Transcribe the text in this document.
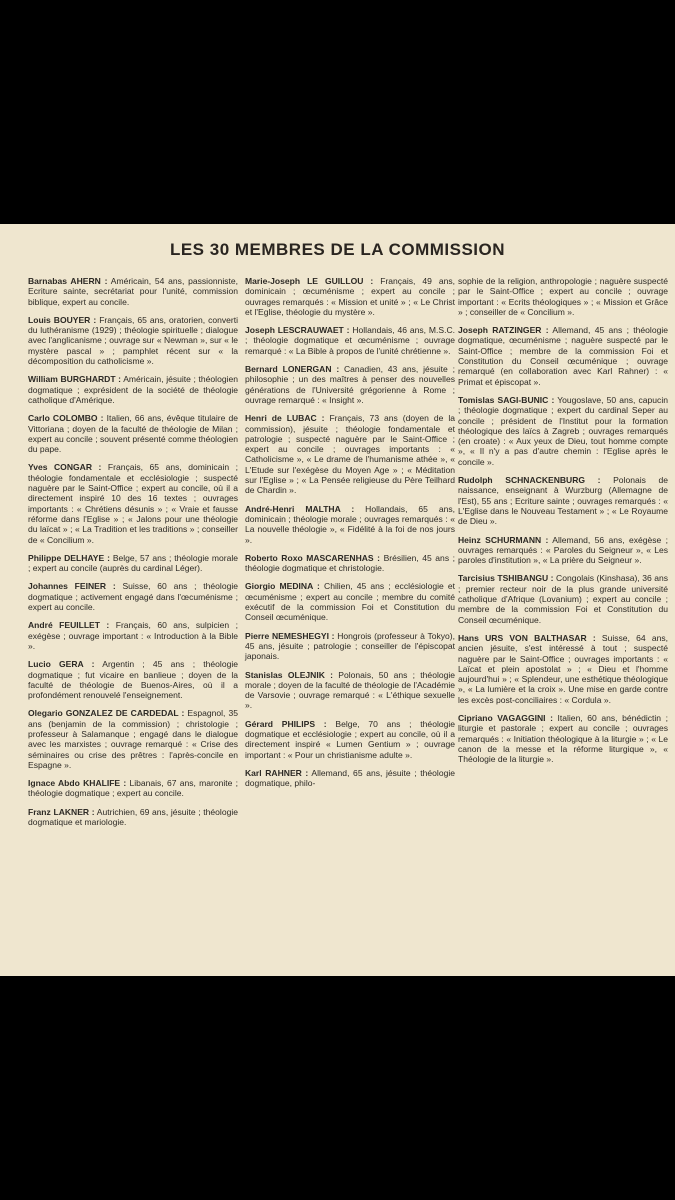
LES 30 MEMBRES DE LA COMMISSION
Barnabas AHERN : Américain, 54 ans, passionniste, Ecriture sainte, secrétariat pour l'unité, commission biblique, expert au concile.
Louis BOUYER : Français, 65 ans, oratorien, converti du luthéranisme (1929) ; théologie spirituelle ; dialogue avec l'anglicanisme ; ouvrage sur « Newman », sur « le mystère pascal » ; pamphlet récent sur « la décomposition du catholicisme ».
William BURGHARDT : Américain, jésuite ; théologien dogmatique ; exprésident de la société de théologie catholique d'Amérique.
Carlo COLOMBO : Italien, 66 ans, évêque titulaire de Vittoriana ; doyen de la faculté de théologie de Milan ; expert au concile ; souvent présenté comme théologien du pape.
Yves CONGAR : Français, 65 ans, dominicain ; théologie fondamentale et ecclésiologie ; suspecté naguère par le Saint-Office ; expert au concile, où il a directement inspiré 10 des 16 textes ; ouvrages importants : « Chrétiens désunis » ; « Vraie et fausse réforme dans l'Eglise » ; « Jalons pour une théologie du laïcat » ; « La Tradition et les traditions » ; conseiller de « Concilium ».
Philippe DELHAYE : Belge, 57 ans ; théologie morale ; expert au concile (auprès du cardinal Léger).
Johannes FEINER : Suisse, 60 ans ; théologie dogmatique ; activement engagé dans l'œcuménisme ; expert au concile.
André FEUILLET : Français, 60 ans, sulpicien ; exégèse ; ouvrage important : « Introduction à la Bible ».
Lucio GERA : Argentin ; 45 ans ; théologie dogmatique ; fut vicaire en banlieue ; doyen de la faculté de théologie de Buenos-Aires, où il a profondément renouvelé l'enseignement.
Olegario GONZALEZ DE CARDEDAL : Espagnol, 35 ans (benjamin de la commission) ; christologie ; professeur à Salamanque ; engagé dans le dialogue avec les marxistes ; ouvrage remarqué : « Crise des séminaires ou crise des prêtres : l'après-concile en Espagne ».
Ignace Abdo KHALIFE : Libanais, 67 ans, maronite ; théologie dogmatique ; expert au concile.
Franz LAKNER : Autrichien, 69 ans, jésuite ; théologie dogmatique et mariologie.
Marie-Joseph LE GUILLOU : Français, 49 ans, dominicain ; œcuménisme ; expert au concile ; ouvrages remarqués : « Mission et unité » ; « Le Christ et l'Eglise, théologie du mystère ».
Joseph LESCRAUWAET : Hollandais, 46 ans, M.S.C. ; théologie dogmatique et œcuménisme ; ouvrage remarqué : « La Bible à propos de l'unité chrétienne ».
Bernard LONERGAN : Canadien, 43 ans, jésuite ; philosophie ; un des maîtres à penser des nouvelles générations de l'Université grégorienne à Rome ; ouvrage remarqué : « Insight ».
Henri de LUBAC : Français, 73 ans (doyen de la commission), jésuite ; théologie fondamentale et patrologie ; suspecté naguère par le Saint-Office ; expert au concile ; ouvrages importants : « Catholicisme », « Le drame de l'humanisme athée », « L'Etude sur l'exégèse du Moyen Age » ; « Méditation sur l'Eglise » ; « La Pensée religieuse du Père Teilhard de Chardin ».
André-Henri MALTHA : Hollandais, 65 ans, dominicain ; théologie morale ; ouvrages remarqués : « La nouvelle théologie », « Fidélité à la foi de nos jours ».
Roberto Roxo MASCARENHAS : Brésilien, 45 ans ; théologie dogmatique et christologie.
Giorgio MEDINA : Chilien, 45 ans ; ecclésiologie et œcuménisme ; expert au concile ; membre du comité exécutif de la commission Foi et Constitution du Conseil œcuménique.
Pierre NEMESHEGYI : Hongrois (professeur à Tokyo), 45 ans, jésuite ; patrologie ; conseiller de l'épiscopat japonais.
Stanislas OLEJNIK : Polonais, 50 ans ; théologie morale ; doyen de la faculté de théologie de l'Académie de Varsovie ; ouvrage remarqué : « L'éthique sexuelle ».
Gérard PHILIPS : Belge, 70 ans ; théologie dogmatique et ecclésiologie ; expert au concile, où il a directement inspiré « Lumen Gentium » ; ouvrage important : « Pour un christianisme adulte ».
Karl RAHNER : Allemand, 65 ans, jésuite ; théologie dogmatique, philo-
sophie de la religion, anthropologie ; naguère suspecté par le Saint-Office ; expert au concile ; ouvrage important : « Ecrits théologiques » ; « Mission et Grâce » ; conseiller de « Concilium ».
Joseph RATZINGER : Allemand, 45 ans ; théologie dogmatique, œcuménisme ; naguère suspecté par le Saint-Office ; membre de la commission Foi et Constitution du Conseil œcuménique ; ouvrage remarqué (en collaboration avec Karl Rahner) : « Primat et épiscopat ».
Tomislas SAGI-BUNIC : Yougoslave, 50 ans, capucin ; théologie dogmatique ; expert du cardinal Seper au concile ; président de l'Institut pour la formation théologique des laïcs à Zagreb ; ouvrages remarqués (en croate) : « Aux yeux de Dieu, tout homme compte », « Il n'y a pas d'autre chemin : l'Eglise après le concile ».
Rudolph SCHNACKENBURG : Polonais de naissance, enseignant à Wurzburg (Allemagne de l'Est), 55 ans ; Ecriture sainte ; ouvrages remarqués : « L'Eglise dans le Nouveau Testament » ; « Le Royaume de Dieu ».
Heinz SCHURMANN : Allemand, 56 ans, exégèse ; ouvrages remarqués : « Paroles du Seigneur », « Les paroles d'institution », « La prière du Seigneur ».
Tarcisius TSHIBANGU : Congolais (Kinshasa), 36 ans ; premier recteur noir de la plus grande université catholique d'Afrique (Lovanium) ; expert au concile ; membre de la commission Foi et Constitution du Conseil œcuménique.
Hans URS VON BALTHASAR : Suisse, 64 ans, ancien jésuite, s'est intéressé à tout ; suspecté naguère par le Saint-Office ; ouvrages importants : « Laïcat et plein apostolat » ; « Dieu et l'homme aujourd'hui » ; « Splendeur, une esthétique théologique », « La lumière et la croix ». Une mise en garde contre les excès post-conciliaires : « Cordula ».
Cipriano VAGAGGINI : Italien, 60 ans, bénédictin ; liturgie et pastorale ; expert au concile ; ouvrages remarqués : « Initiation théologique à la liturgie » ; « Le canon de la messe et la réforme liturgique », « Théologie de la liturgie ».
